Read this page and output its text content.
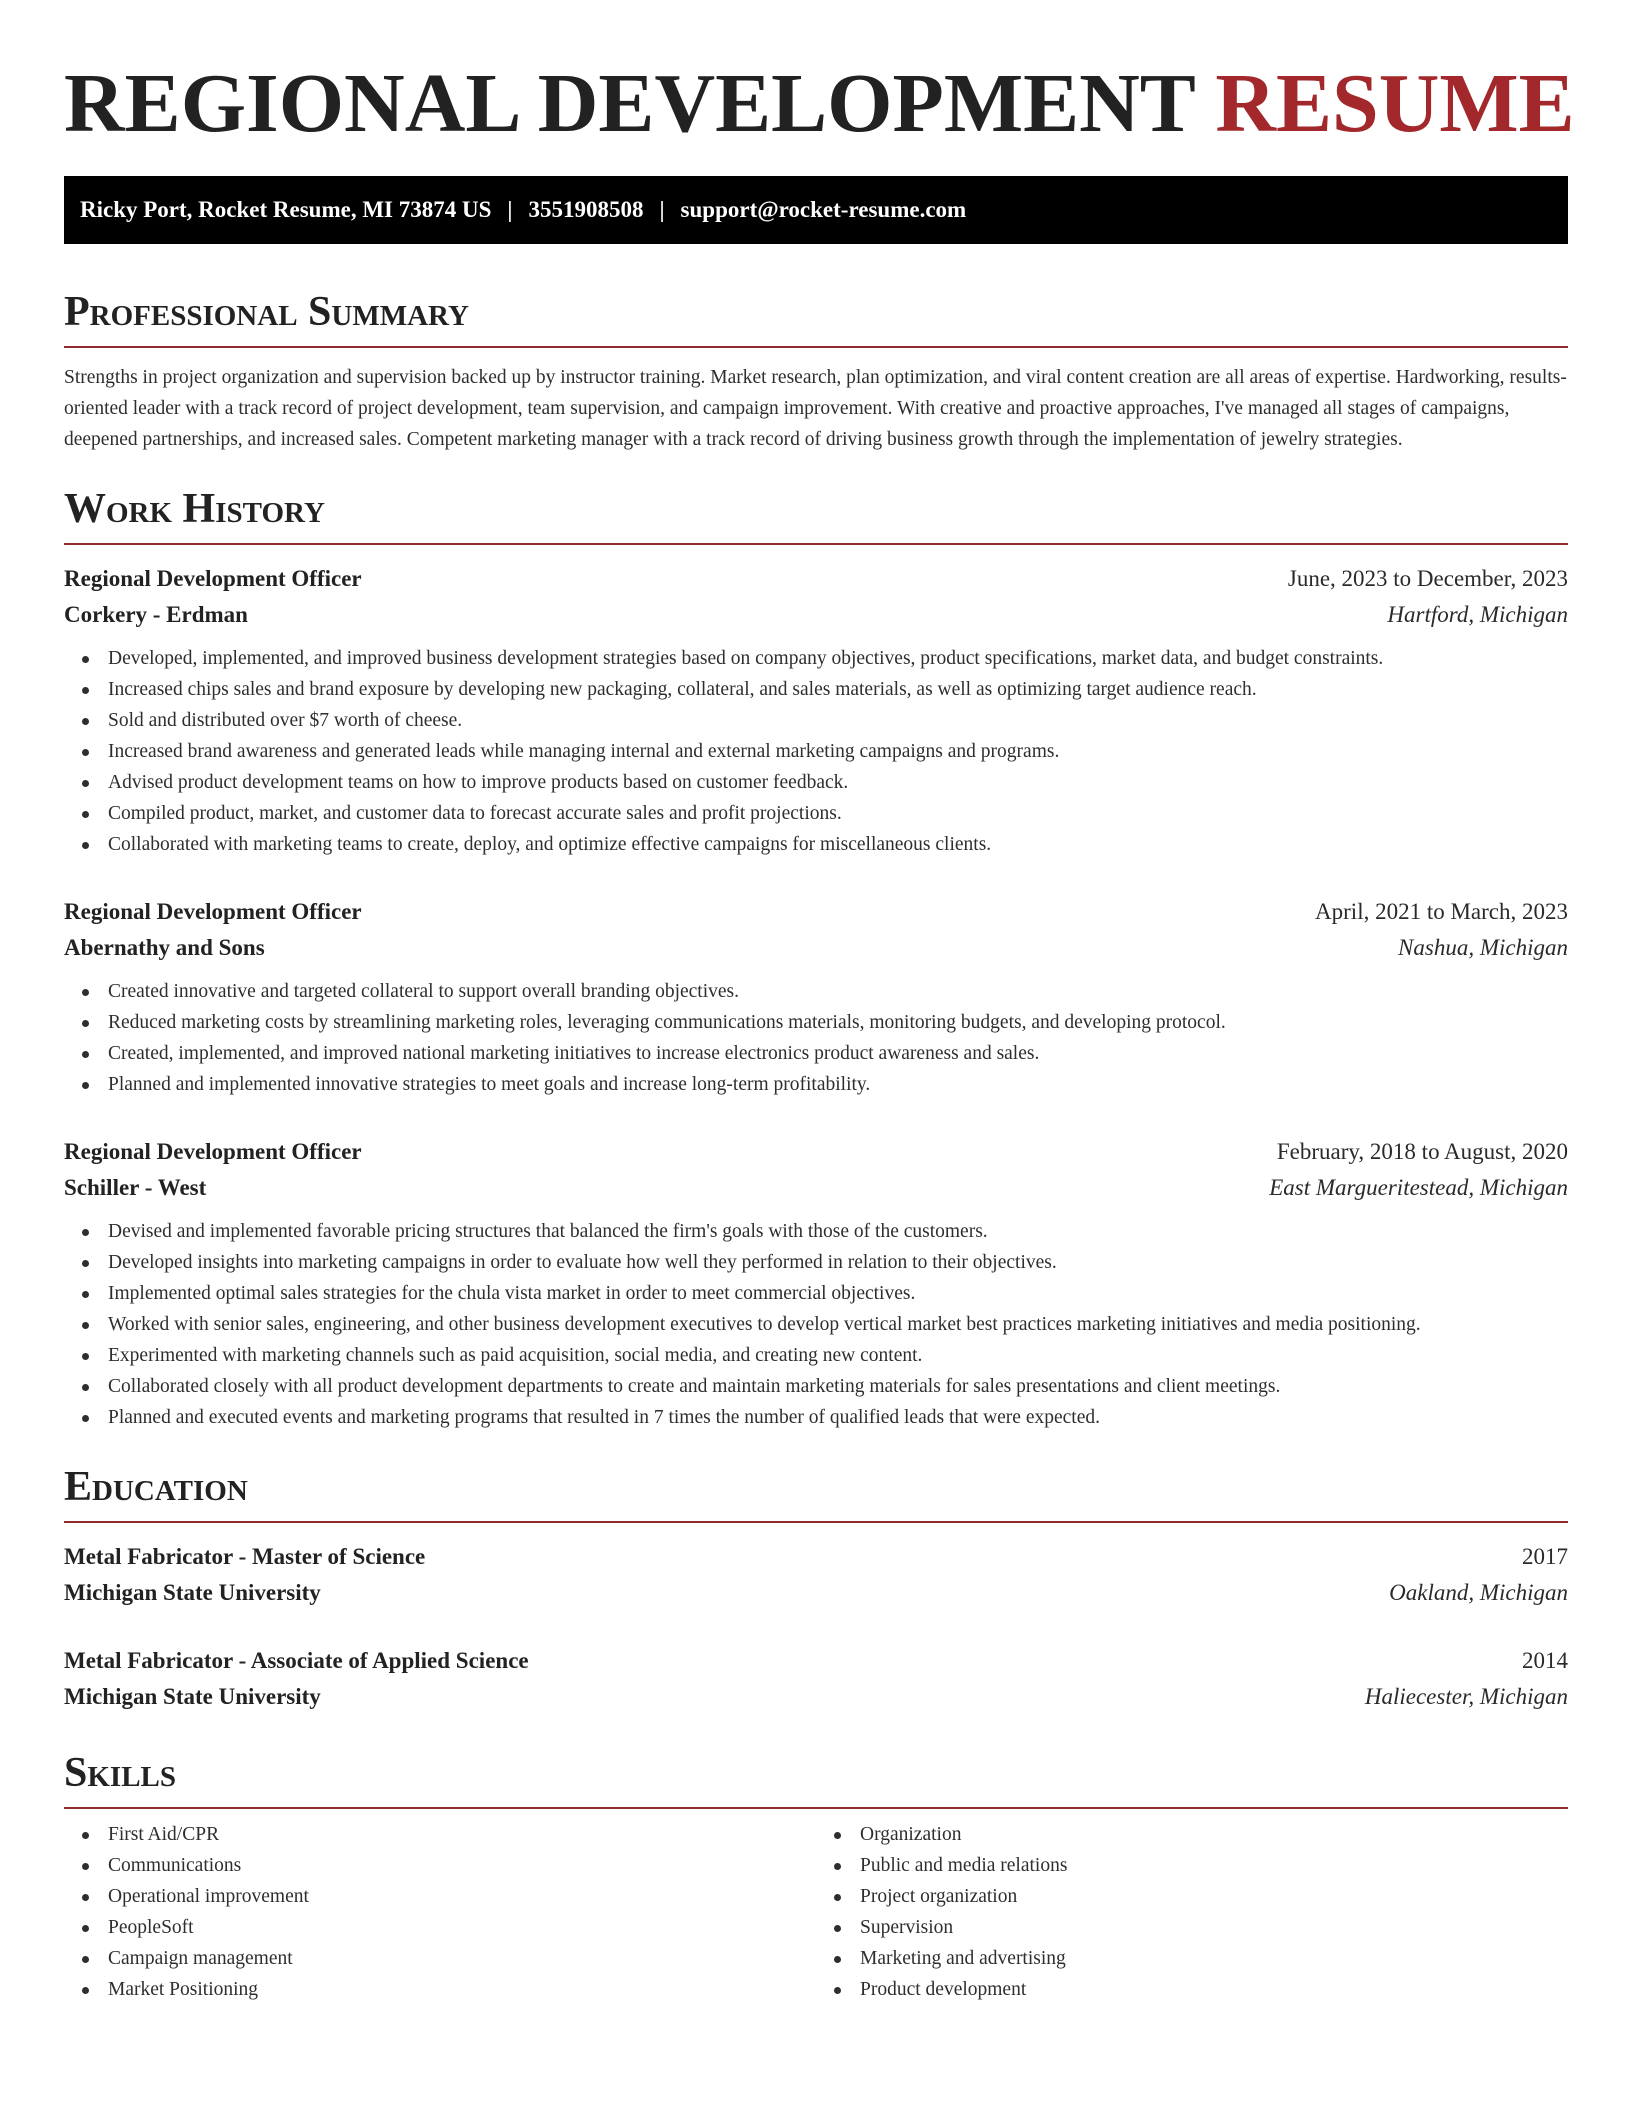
REGIONAL DEVELOPMENT RESUME
Ricky Port, Rocket Resume, MI 73874 US | 3551908508 | support@rocket-resume.com
Professional Summary

Strengths in project organization and supervision backed up by instructor training. Market research, plan optimization, and viral content creation are all areas of expertise. Hardworking, results-oriented leader with a track record of project development, team supervision, and campaign improvement. With creative and proactive approaches, I've managed all stages of campaigns, deepened partnerships, and increased sales. Competent marketing manager with a track record of driving business growth through the implementation of jewelry strategies.

Work History
Regional Development Officer	June, 2023 to December, 2023
Corkery - Erdman	Hartford, Michigan
Developed, implemented, and improved business development strategies based on company objectives, product specifications, market data, and budget constraints.
Increased chips sales and brand exposure by developing new packaging, collateral, and sales materials, as well as optimizing target audience reach.
Sold and distributed over $7 worth of cheese.
Increased brand awareness and generated leads while managing internal and external marketing campaigns and programs.
Advised product development teams on how to improve products based on customer feedback.
Compiled product, market, and customer data to forecast accurate sales and profit projections.
Collaborated with marketing teams to create, deploy, and optimize effective campaigns for miscellaneous clients.
Regional Development Officer	April, 2021 to March, 2023
Abernathy and Sons	Nashua, Michigan
Created innovative and targeted collateral to support overall branding objectives.
Reduced marketing costs by streamlining marketing roles, leveraging communications materials, monitoring budgets, and developing protocol.
Created, implemented, and improved national marketing initiatives to increase electronics product awareness and sales.
Planned and implemented innovative strategies to meet goals and increase long-term profitability.
Regional Development Officer	February, 2018 to August, 2020
Schiller - West	East Margueritestead, Michigan
Devised and implemented favorable pricing structures that balanced the firm's goals with those of the customers.
Developed insights into marketing campaigns in order to evaluate how well they performed in relation to their objectives.
Implemented optimal sales strategies for the chula vista market in order to meet commercial objectives.
Worked with senior sales, engineering, and other business development executives to develop vertical market best practices marketing initiatives and media positioning.
Experimented with marketing channels such as paid acquisition, social media, and creating new content.
Collaborated closely with all product development departments to create and maintain marketing materials for sales presentations and client meetings.
Planned and executed events and marketing programs that resulted in 7 times the number of qualified leads that were expected.
Education
Metal Fabricator - Master of Science	2017
Michigan State University	Oakland, Michigan
Metal Fabricator - Associate of Applied Science	2014
Michigan State University	Haliecester, Michigan
Skills
First Aid/CPR
Communications
Operational improvement
PeopleSoft
Campaign management
Market Positioning
Organization
Public and media relations
Project organization
Supervision
Marketing and advertising
Product development
